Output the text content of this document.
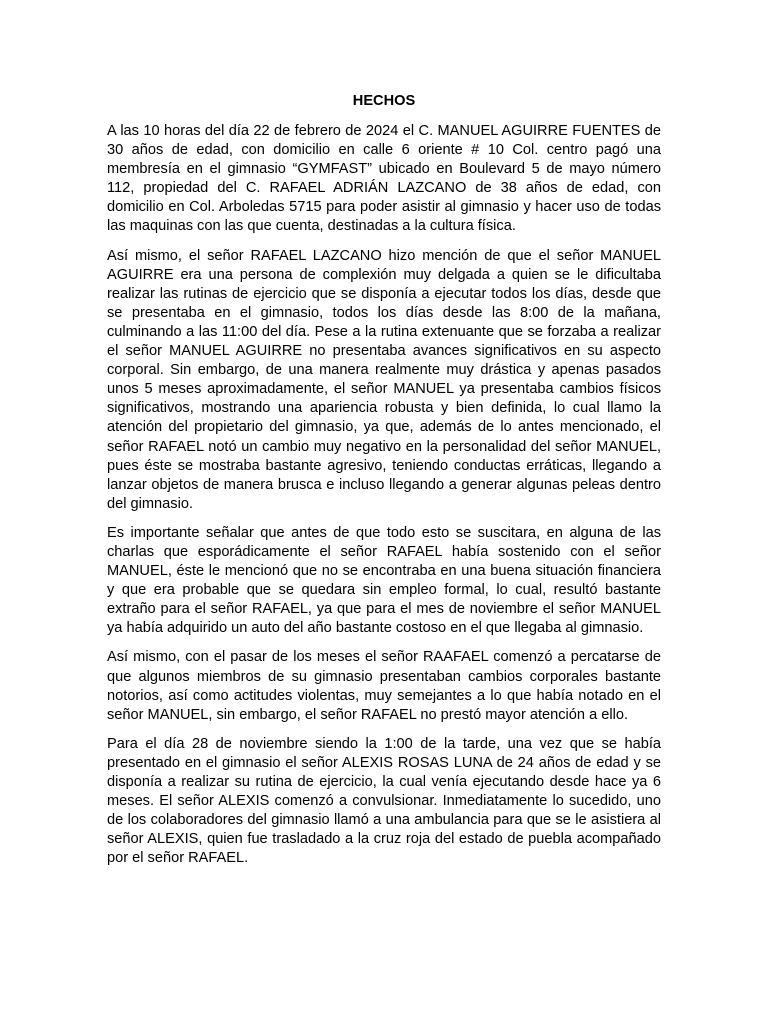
HECHOS

A las 10 horas del día 22 de febrero de 2024 el C. MANUEL AGUIRRE FUENTES de 30 años de edad, con domicilio en calle 6 oriente # 10 Col. centro pagó una membresía en el gimnasio “GYMFAST” ubicado en Boulevard 5 de mayo número 112, propiedad del C. RAFAEL ADRIÁN LAZCANO de 38 años de edad, con domicilio en Col. Arboledas 5715 para poder asistir al gimnasio y hacer uso de todas las maquinas con las que cuenta, destinadas a la cultura física.

Así mismo, el señor RAFAEL LAZCANO hizo mención de que el señor MANUEL AGUIRRE era una persona de complexión muy delgada a quien se le dificultaba realizar las rutinas de ejercicio que se disponía a ejecutar todos los días, desde que se presentaba en el gimnasio, todos los días desde las 8:00 de la mañana, culminando a las 11:00 del día. Pese a la rutina extenuante que se forzaba a realizar el señor MANUEL AGUIRRE no presentaba avances significativos en su aspecto corporal. Sin embargo, de una manera realmente muy drástica y apenas pasados unos 5 meses aproximadamente, el señor MANUEL ya presentaba cambios físicos significativos, mostrando una apariencia robusta y bien definida, lo cual llamo la atención del propietario del gimnasio, ya que, además de lo antes mencionado, el señor RAFAEL notó un cambio muy negativo en la personalidad del señor MANUEL, pues éste se mostraba bastante agresivo, teniendo conductas erráticas, llegando a lanzar objetos de manera brusca e incluso llegando a generar algunas peleas dentro del gimnasio.

Es importante señalar que antes de que todo esto se suscitara, en alguna de las charlas que esporádicamente el señor RAFAEL había sostenido con el señor MANUEL, éste le mencionó que no se encontraba en una buena situación financiera y que era probable que se quedara sin empleo formal, lo cual, resultó bastante extraño para el señor RAFAEL, ya que para el mes de noviembre el señor MANUEL ya había adquirido un auto del año bastante costoso en el que llegaba al gimnasio.

Así mismo, con el pasar de los meses el señor RAAFAEL comenzó a percatarse de que algunos miembros de su gimnasio presentaban cambios corporales bastante notorios, así como actitudes violentas, muy semejantes a lo que había notado en el señor MANUEL, sin embargo, el señor RAFAEL no prestó mayor atención a ello.

Para el día 28 de noviembre siendo la 1:00 de la tarde, una vez que se había presentado en el gimnasio el señor ALEXIS ROSAS LUNA de 24 años de edad y se disponía a realizar su rutina de ejercicio, la cual venía ejecutando desde hace ya 6 meses. El señor ALEXIS comenzó a convulsionar. Inmediatamente lo sucedido, uno de los colaboradores del gimnasio llamó a una ambulancia para que se le asistiera al señor ALEXIS, quien fue trasladado a la cruz roja del estado de puebla acompañado por el señor RAFAEL.
